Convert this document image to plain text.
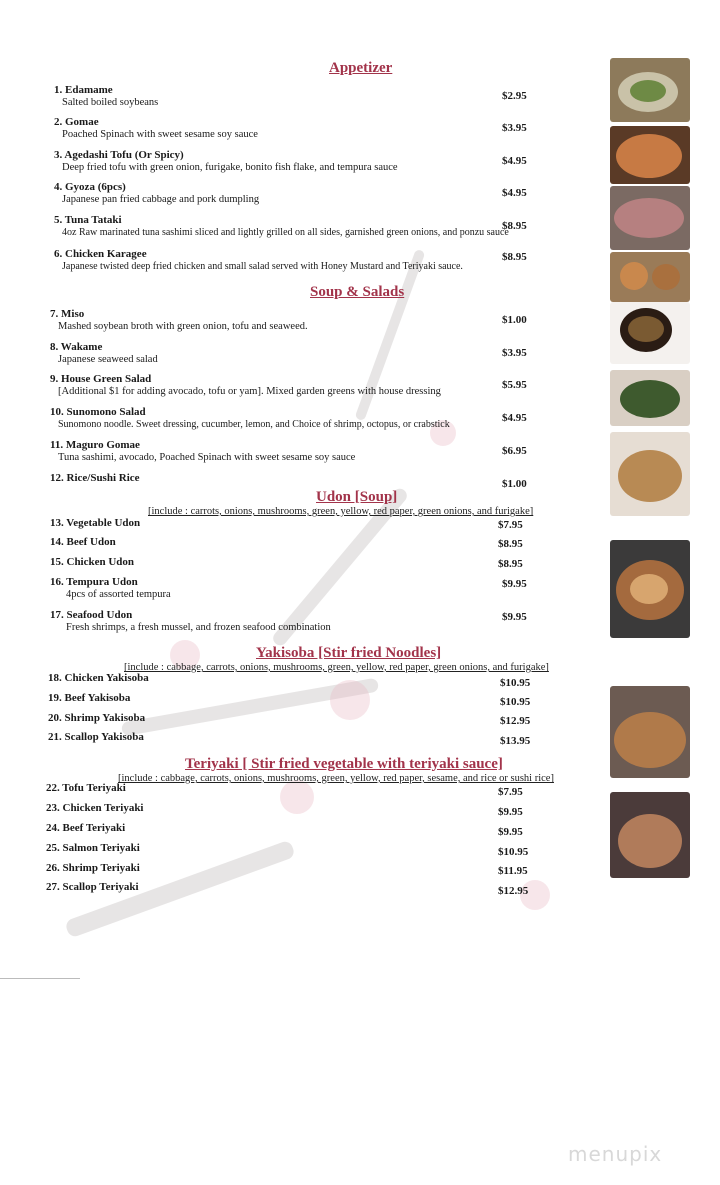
Appetizer
1. Edamame
Salted boiled soybeans
$2.95
2. Gomae
Poached Spinach with sweet sesame soy sauce
$3.95
3. Agedashi Tofu (Or Spicy)
Deep fried tofu with green onion, furigake, bonito fish flake, and tempura sauce
$4.95
4. Gyoza (6pcs)
Japanese pan fried cabbage and pork dumpling
$4.95
5. Tuna Tataki
4oz Raw marinated tuna sashimi sliced and lightly grilled on all sides, garnished green onions, and ponzu sauce
$8.95
6. Chicken Karagee
Japanese twisted deep fried chicken and small salad served with Honey Mustard and Teriyaki sauce.
$8.95
Soup & Salads
7. Miso
Mashed soybean broth with green onion, tofu and seaweed.
$1.00
8. Wakame
Japanese seaweed salad
$3.95
9. House Green Salad
[Additional $1 for adding avocado, tofu or yam]. Mixed garden greens with house dressing
$5.95
10. Sunomono Salad
Sunomono noodle. Sweet dressing, cucumber, lemon, and Choice of shrimp, octopus, or crabstick
$4.95
11. Maguro Gomae
Tuna sashimi, avocado, Poached Spinach with sweet sesame soy sauce
$6.95
12. Rice/Sushi Rice	$1.00
Udon [Soup]
[include : carrots, onions, mushrooms, green, yellow, red paper, green onions, and furigake]
13. Vegetable Udon	$7.95
14. Beef Udon	$8.95
15. Chicken Udon	$8.95
16. Tempura Udon
4pcs of assorted tempura
$9.95
17. Seafood Udon
Fresh shrimps, a fresh mussel, and frozen seafood combination
$9.95
Yakisoba [Stir fried Noodles]
[include : cabbage, carrots, onions, mushrooms, green, yellow, red paper, green onions, and furigake]
18. Chicken Yakisoba	$10.95
19. Beef Yakisoba	$10.95
20. Shrimp Yakisoba	$12.95
21. Scallop Yakisoba	$13.95
Teriyaki [ Stir fried vegetable with teriyaki sauce]
[include : cabbage, carrots, onions, mushrooms, green, yellow, red paper, sesame, and rice or sushi rice]
22. Tofu Teriyaki	$7.95
23. Chicken Teriyaki	$9.95
24. Beef Teriyaki	$9.95
25. Salmon Teriyaki	$10.95
26. Shrimp Teriyaki	$11.95
27. Scallop Teriyaki	$12.95
menupix
